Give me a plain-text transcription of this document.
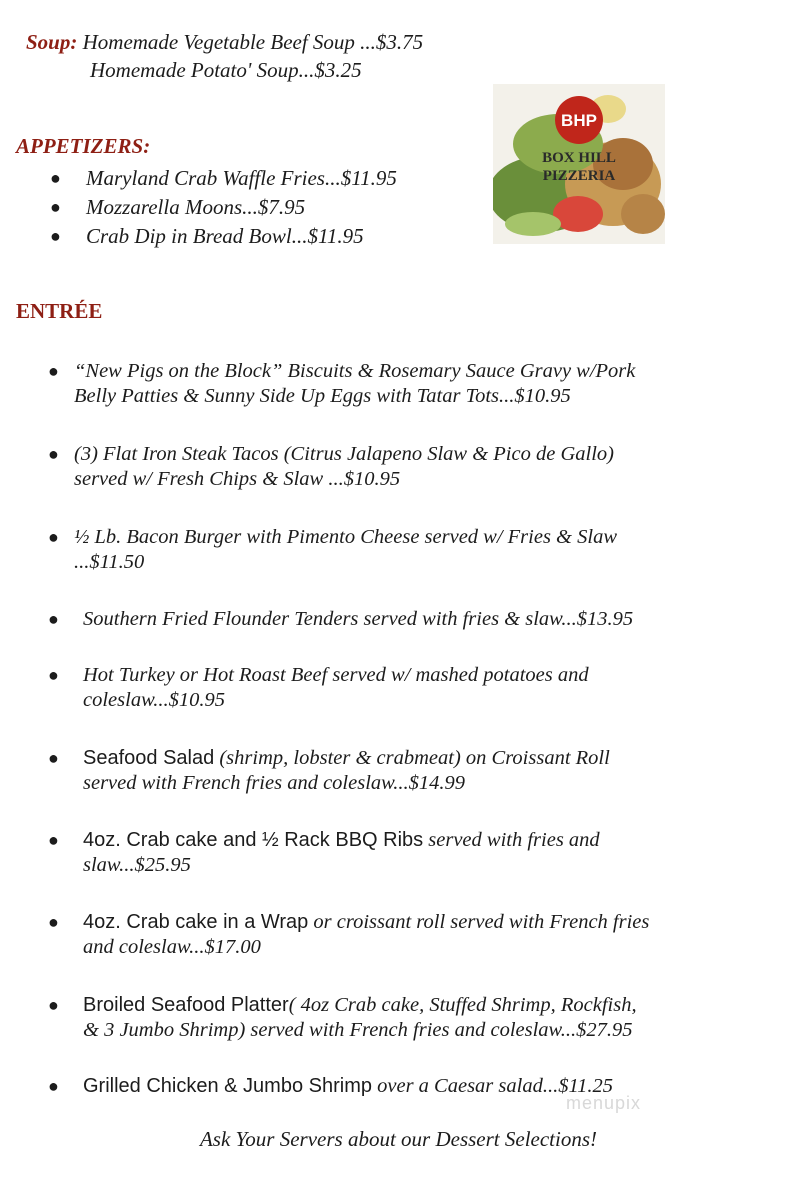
Soup: Homemade Vegetable Beef Soup ...$3.75
Homemade Potato' Soup...$3.25
BHP
BOX HILL
PIZZERIA
APPETIZERS:
● Maryland Crab Waffle Fries...$11.95
● Mozzarella Moons...$7.95
● Crab Dip in Bread Bowl...$11.95
ENTRÉE
● “New Pigs on the Block” Biscuits & Rosemary Sauce Gravy w/Pork
Belly Patties & Sunny Side Up Eggs with Tatar Tots...$10.95
● (3) Flat Iron Steak Tacos (Citrus Jalapeno Slaw & Pico de Gallo)
served w/ Fresh Chips & Slaw ...$10.95
● ½ Lb. Bacon Burger with Pimento Cheese served w/ Fries & Slaw
...$11.50
●	Southern Fried Flounder Tenders served with fries & slaw...$13.95
●	Hot Turkey or Hot Roast Beef served w/ mashed potatoes and
coleslaw...$10.95
●	Seafood Salad (shrimp, lobster & crabmeat) on Croissant Roll
served with French fries and coleslaw...$14.99
●	4oz. Crab cake and ½ Rack BBQ Ribs served with fries and
slaw...$25.95
●	4oz. Crab cake in a Wrap or croissant roll served with French fries
and coleslaw...$17.00
●	Broiled Seafood Platter( 4oz Crab cake, Stuffed Shrimp, Rockfish,
& 3 Jumbo Shrimp) served with French fries and coleslaw...$27.95
●	Grilled Chicken & Jumbo Shrimp over a Caesar salad...$11.25
menupix
Ask Your Servers about our Dessert Selections!
